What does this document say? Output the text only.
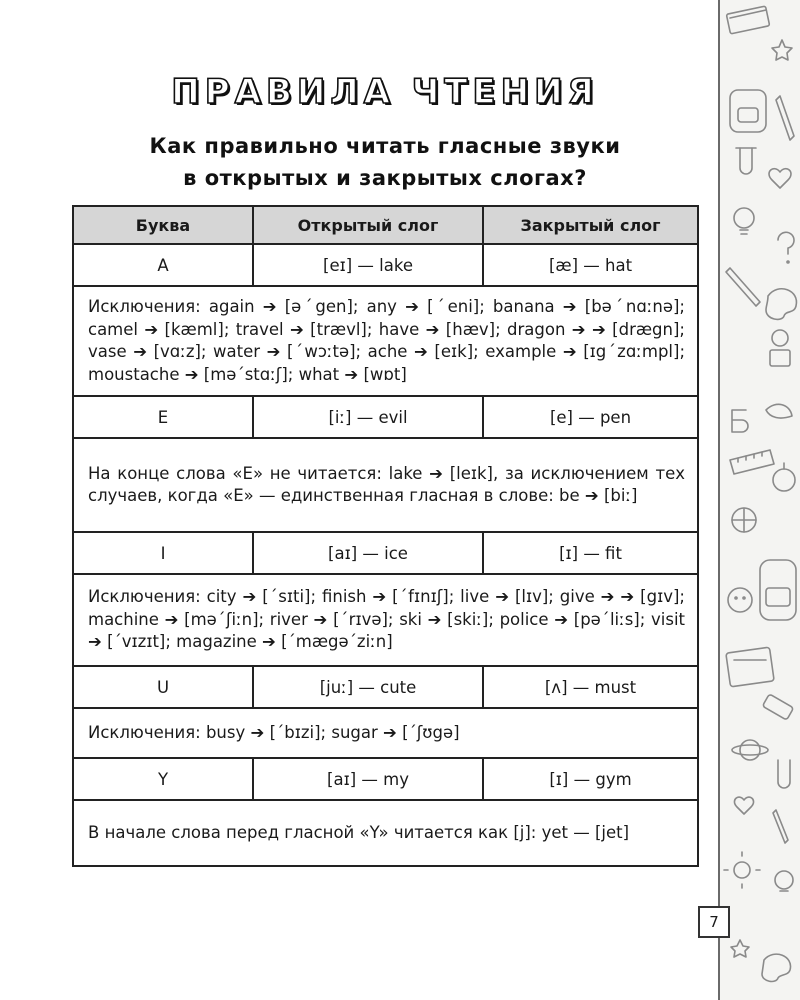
7
ПРАВИЛА ЧТЕНИЯ
Как правильно читать гласные звуки
в открытых и закрытых слогах?
Буква	Открытый слог	Закрытый слог
A	[eɪ] — lake	[æ] — hat
Исключения: again ➔ [əˊgen]; any ➔ [ˊeni]; banana ➔ [bəˊnɑːnə]; camel ➔ [kæml]; travel ➔ [trævl]; have ➔ [hæv]; dragon ➔ ➔ [drægn]; vase ➔ [vɑːz]; water ➔ [ˊwɔːtə]; ache ➔ [eɪk]; example ➔ [ɪgˊzɑːmpl]; moustache ➔ [məˊstɑːʃ]; what ➔ [wɒt]		
E	[iː] — evil	[e] — pen
На конце слова «E» не читается: lake ➔ [leɪk], за исключением тех случаев, когда «E» — единственная гласная в слове: be ➔ [biː]		
I	[aɪ] — ice	[ɪ] — fit
Исключения: city ➔ [ˊsɪti]; finish ➔ [ˊfɪnɪʃ]; live ➔ [lɪv]; give ➔ ➔ [gɪv]; machine ➔ [məˊʃiːn]; river ➔ [ˊrɪvə]; ski ➔ [skiː]; police ➔ [pəˊliːs]; visit ➔ [ˊvɪzɪt]; magazine ➔ [ˊmægəˊziːn]		
U	[juː] — cute	[ʌ] — must
Исключения: busy ➔ [ˊbɪzi]; sugar ➔ [ˊʃʊgə]		
Y	[aɪ] — my	[ɪ] — gym
В начале слова перед гласной «Y» читается как [j]: yet — [jet]		
